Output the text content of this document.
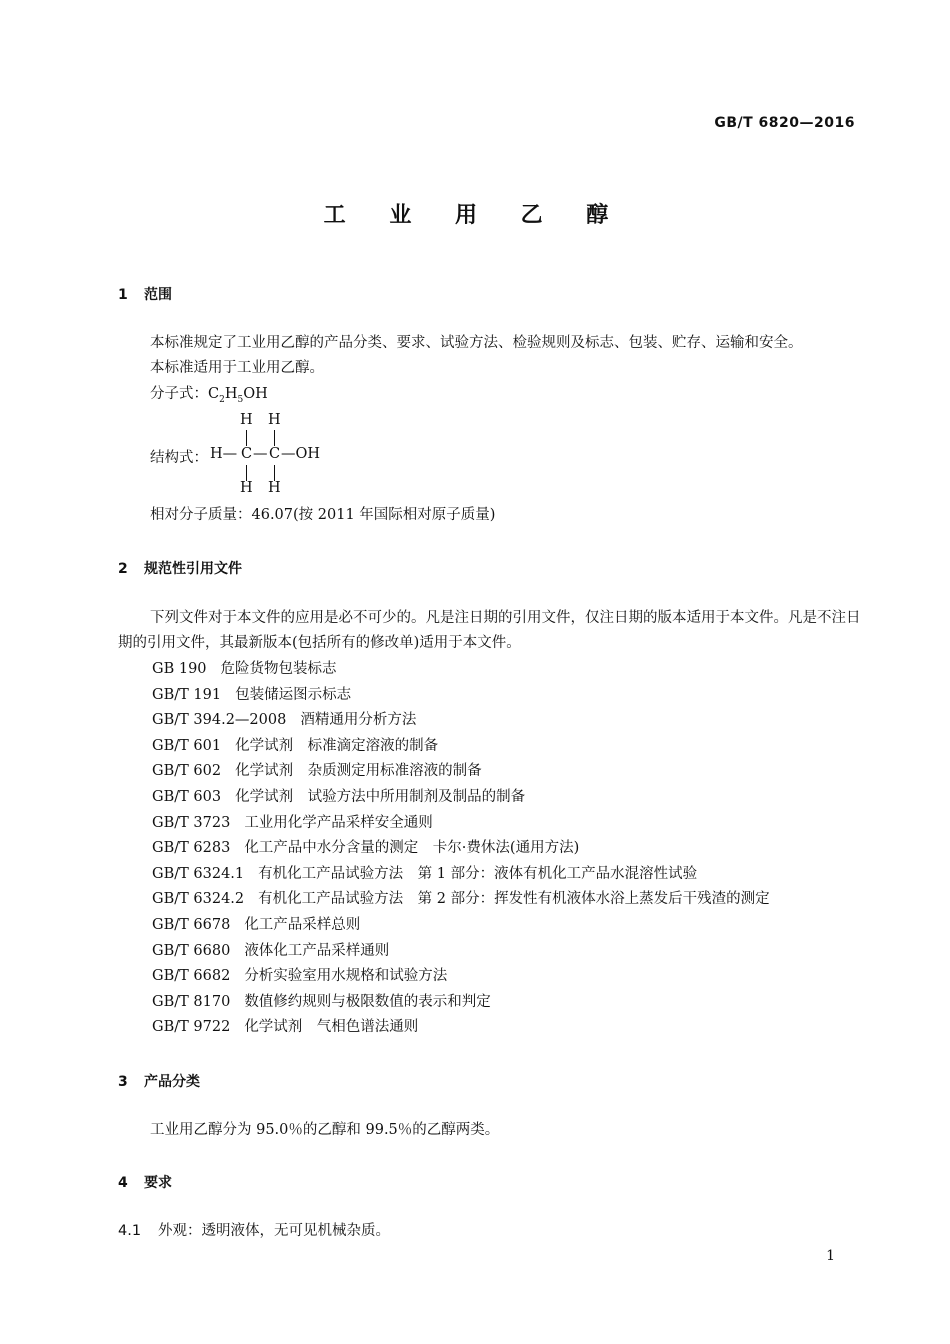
GB/T 6820—2016
工 业 用 乙 醇
1 范围
本标准规定了工业用乙醇的产品分类、要求、试验方法、检验规则及标志、包装、贮存、运输和安全。
本标准适用于工业用乙醇。
分子式：$C_2H_5OH$
H H
结构式： H— C — C —OH
H H
相对分子质量：46.07(按 2011 年国际相对原子质量)
2 规范性引用文件
下列文件对于本文件的应用是必不可少的。凡是注日期的引用文件，仅注日期的版本适用于本文件。凡是不注日期的引用文件，其最新版本(包括所有的修改单)适用于本文件。
GB 190 危险货物包装标志
GB/T 191 包装储运图示标志
GB/T 394.2—2008 酒精通用分析方法
GB/T 601 化学试剂　标准滴定溶液的制备
GB/T 602 化学试剂　杂质测定用标准溶液的制备
GB/T 603 化学试剂　试验方法中所用制剂及制品的制备
GB/T 3723 工业用化学产品采样安全通则
GB/T 6283 化工产品中水分含量的测定　卡尔·费休法(通用方法)
GB/T 6324.1 有机化工产品试验方法　第 1 部分：液体有机化工产品水混溶性试验
GB/T 6324.2 有机化工产品试验方法　第 2 部分：挥发性有机液体水浴上蒸发后干残渣的测定
GB/T 6678 化工产品采样总则
GB/T 6680 液体化工产品采样通则
GB/T 6682 分析实验室用水规格和试验方法
GB/T 8170 数值修约规则与极限数值的表示和判定
GB/T 9722 化学试剂　气相色谱法通则
3 产品分类
工业用乙醇分为 95.0％的乙醇和 99.5％的乙醇两类。
4 要求
4.1 外观：透明液体，无可见机械杂质。
1
